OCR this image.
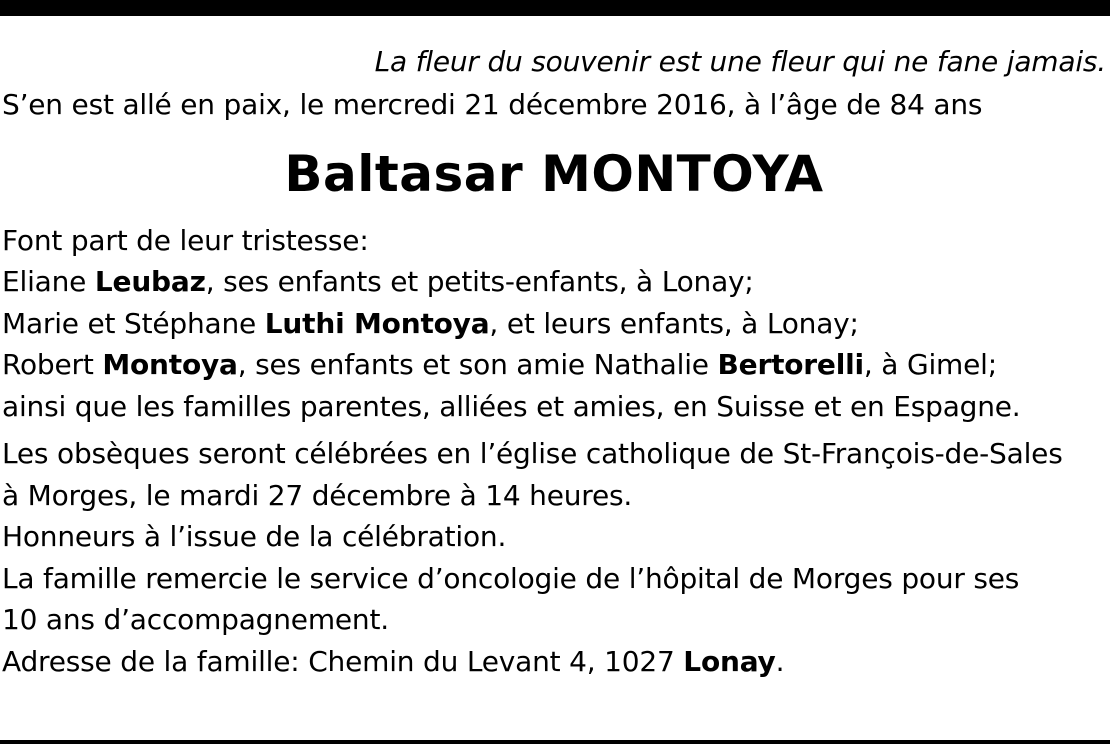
La fleur du souvenir est une fleur qui ne fane jamais.
S’en est allé en paix, le mercredi 21 décembre 2016, à l’âge de 84 ans
Baltasar MONTOYA
Font part de leur tristesse:
Eliane Leubaz, ses enfants et petits-enfants, à Lonay;
Marie et Stéphane Luthi Montoya, et leurs enfants, à Lonay;
Robert Montoya, ses enfants et son amie Nathalie Bertorelli, à Gimel;
ainsi que les familles parentes, alliées et amies, en Suisse et en Espagne.
Les obsèques seront célébrées en l’église catholique de St-François-de-Sales
à Morges, le mardi 27 décembre à 14 heures.
Honneurs à l’issue de la célébration.
La famille remercie le service d’oncologie de l’hôpital de Morges pour ses
10 ans d’accompagnement.
Adresse de la famille: Chemin du Levant 4, 1027 Lonay.
